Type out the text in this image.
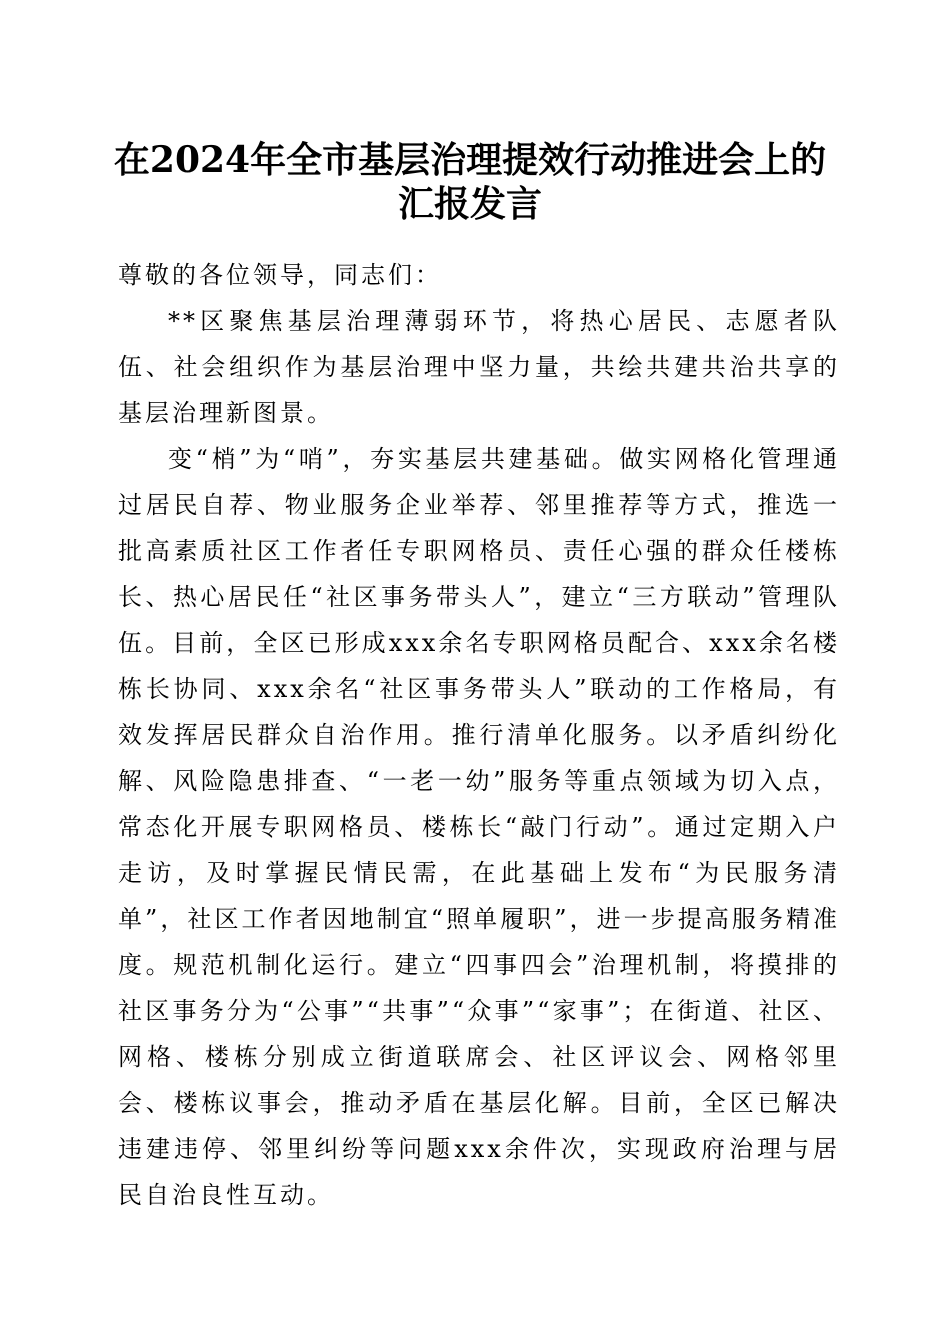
在2024年全市基层治理提效行动推进会上的
汇报发言

尊敬的各位领导，同志们：

**区聚焦基层治理薄弱环节，将热心居民、志愿者队伍、社会组织作为基层治理中坚力量，共绘共建共治共享的基层治理新图景。

变“梢”为“哨”，夯实基层共建基础。做实网格化管理通过居民自荐、物业服务企业举荐、邻里推荐等方式，推选一批高素质社区工作者任专职网格员、责任心强的群众任楼栋长、热心居民任“社区事务带头人”，建立“三方联动”管理队伍。目前，全区已形成xxx余名专职网格员配合、xxx余名楼栋长协同、xxx余名“社区事务带头人”联动的工作格局，有效发挥居民群众自治作用。推行清单化服务。以矛盾纠纷化解、风险隐患排查、“一老一幼”服务等重点领域为切入点，常态化开展专职网格员、楼栋长“敲门行动”。通过定期入户走访，及时掌握民情民需，在此基础上发布“为民服务清单”，社区工作者因地制宜“照单履职”，进一步提高服务精准度。规范机制化运行。建立“四事四会”治理机制，将摸排的社区事务分为“公事”“共事”“众事”“家事”；在街道、社区、网格、楼栋分别成立街道联席会、社区评议会、网格邻里会、楼栋议事会，推动矛盾在基层化解。目前，全区已解决违建违停、邻里纠纷等问题xxx余件次，实现政府治理与居民自治良性互动。
